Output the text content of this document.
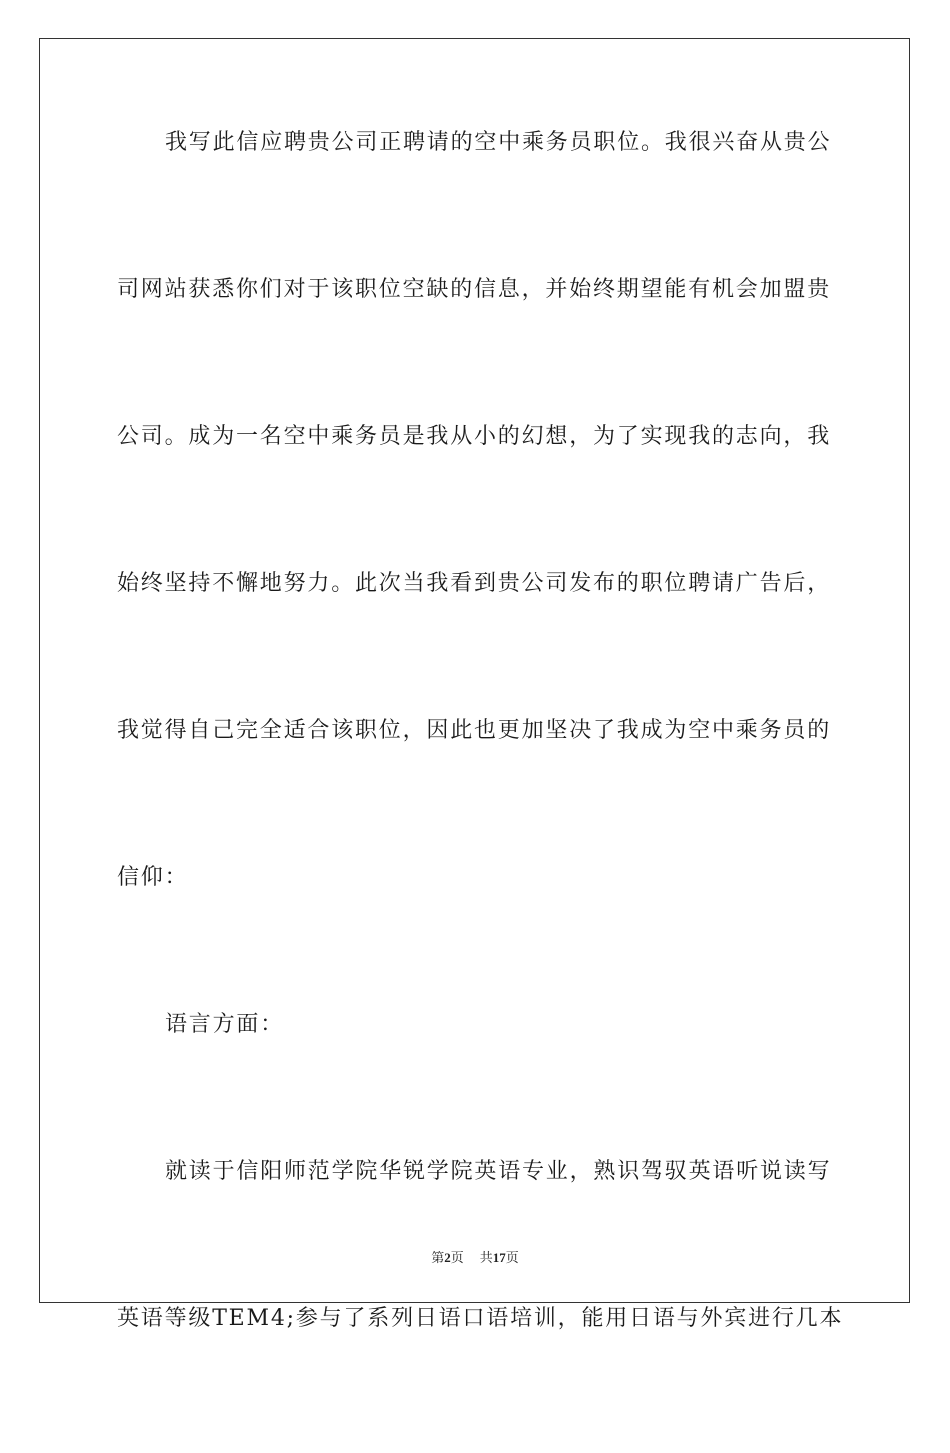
我写此信应聘贵公司正聘请的空中乘务员职位。我很兴奋从贵公
司网站获悉你们对于该职位空缺的信息，并始终期望能有机会加盟贵
公司。成为一名空中乘务员是我从小的幻想，为了实现我的志向，我
始终坚持不懈地努力。此次当我看到贵公司发布的职位聘请广告后，
我觉得自己完全适合该职位，因此也更加坚决了我成为空中乘务员的
信仰：
语言方面：
就读于信阳师范学院华锐学院英语专业，熟识驾驭英语听说读写
英语等级TEM4;参与了系列日语口语培训，能用日语与外宾进行几本
第2页 共17页
